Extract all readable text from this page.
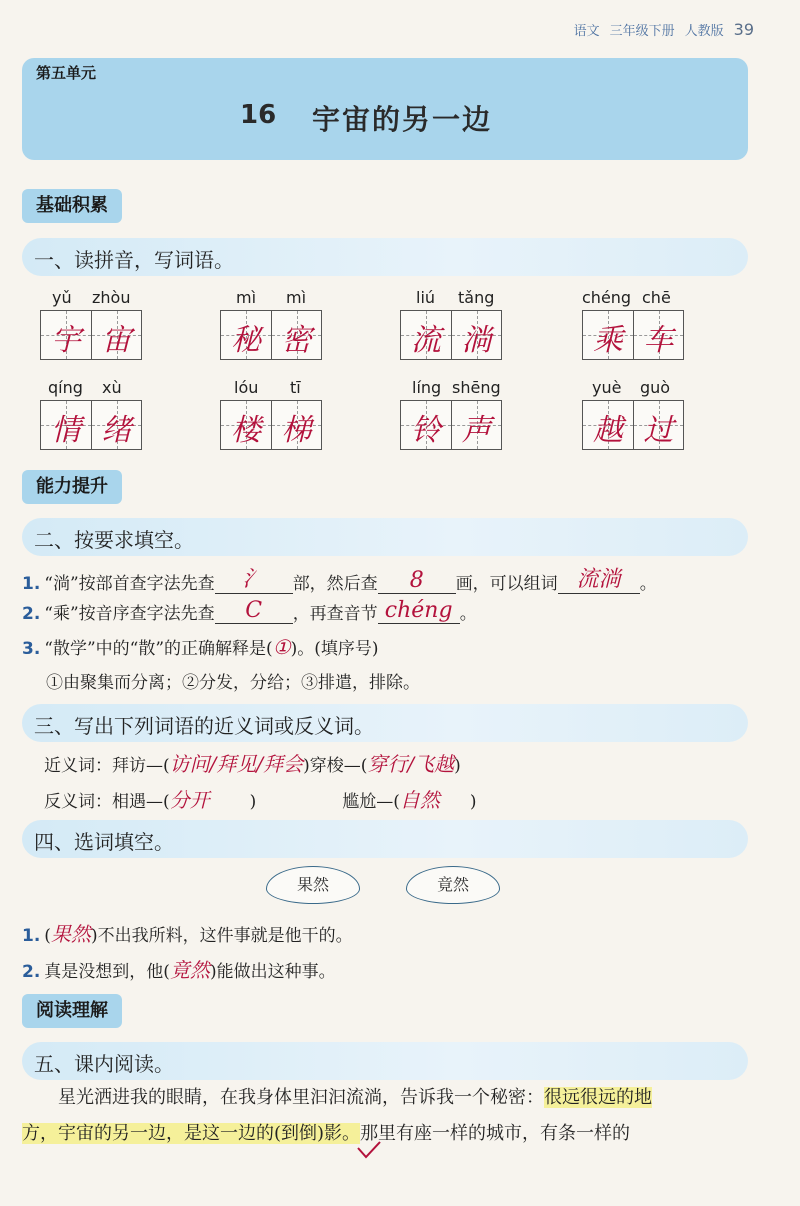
语文 三年级下册 人教版 39
第五单元
16 宇宙的另一边
基础积累
一、读拼音，写词语。
yǔ zhòu	mì mì	liú tǎng	chéng chē
宇 宙	秘 密	流 淌	乘 车
qíng xù	lóu tī	líng shēng	yuè guò
情 绪	楼 梯	铃 声	越 过
能力提升
二、按要求填空。
1. “淌”按部首查字法先查 氵 部，然后查 8 画，可以组词 流淌 。
2. “乘”按音序查字法先查 C ，再查音节 chéng 。
3. “散学”中的“散”的正确解释是(①)。(填序号)
①由聚集而分离；②分发，分给；③排遣，排除。
三、写出下列词语的近义词或反义词。
近义词：拜访—(访问/拜见/拜会)穿梭—(穿行/飞越)
反义词：相遇—(分开 )	尴尬—(自然 )
四、选词填空。
果然	竟然
1. (果然)不出我所料，这件事就是他干的。
2. 真是没想到，他(竟然)能做出这种事。
阅读理解
五、课内阅读。
星光洒进我的眼睛，在我身体里汩汩流淌，告诉我一个秘密：很远很远的地
方，宇宙的另一边，是这一边的(到倒)影。那里有座一样的城市，有条一样的
